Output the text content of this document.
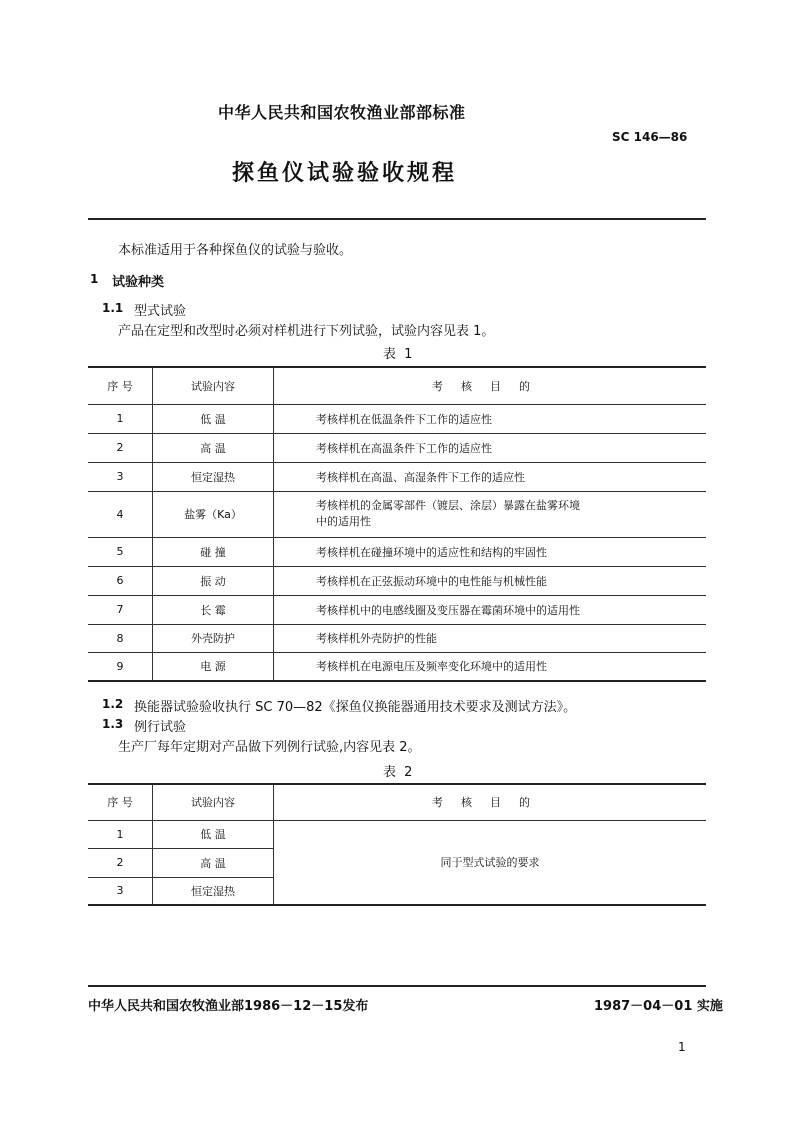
中华人民共和国农牧渔业部部标准
SC 146—86
探鱼仪试验验收规程
本标准适用于各种探鱼仪的试验与验收。
1 试验种类
1.1 型式试验
产品在定型和改型时必须对样机进行下列试验，试验内容见表 1。
表 1
序 号	试验内容	考核目的
1	低 温	考核样机在低温条件下工作的适应性
2	高 温	考核样机在高温条件下工作的适应性
3	恒定湿热	考核样机在高温、高湿条件下工作的适应性
4	盐雾（Ka）	考核样机的金属零部件（镀层、涂层）暴露在盐雾环境中的适用性
5	碰 撞	考核样机在碰撞环境中的适应性和结构的牢固性
6	振 动	考核样机在正弦振动环境中的电性能与机械性能
7	长 霉	考核样机中的电感线圈及变压器在霉菌环境中的适用性
8	外壳防护	考核样机外壳防护的性能
9	电 源	考核样机在电源电压及频率变化环境中的适用性
1.2 换能器试验验收执行 SC 70—82《探鱼仪换能器通用技术要求及测试方法》。
1.3 例行试验
生产厂每年定期对产品做下列例行试验,内容见表 2。
表 2
序 号	试验内容	考核目的
1	低 温	同于型式试验的要求
2	高 温	
3	恒定湿热	
中华人民共和国农牧渔业部1986－12－15发布	1987－04－01 实施
1
